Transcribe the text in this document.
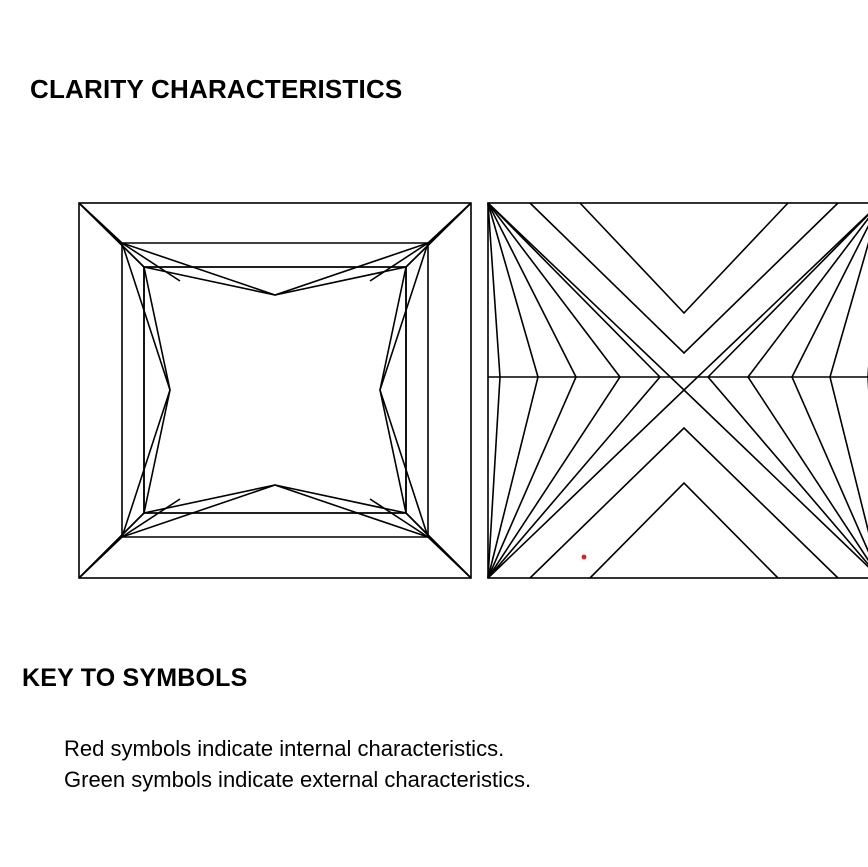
CLARITY CHARACTERISTICS
KEY TO SYMBOLS
Red symbols indicate internal characteristics.
Green symbols indicate external characteristics.
